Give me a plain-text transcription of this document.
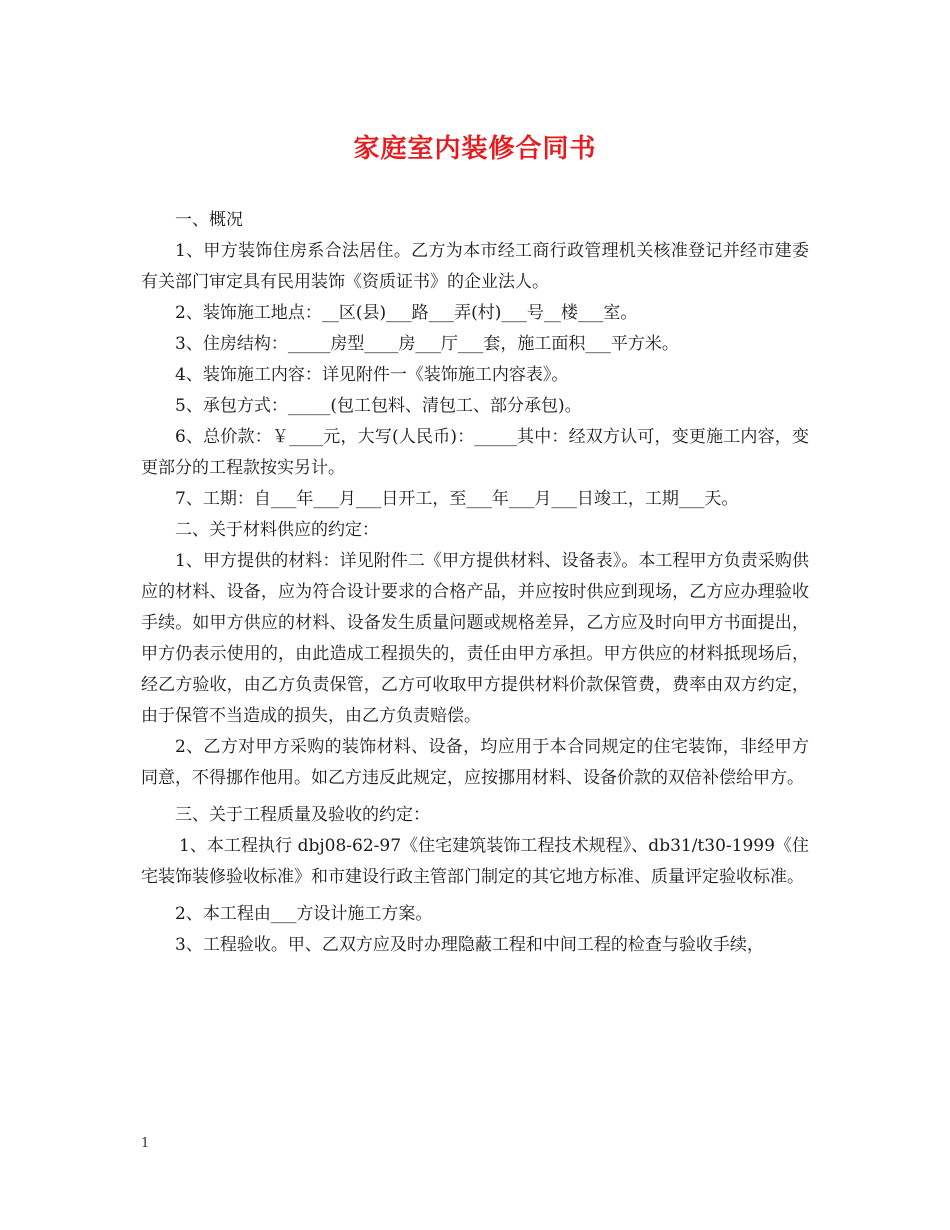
家庭室内装修合同书

一、概况

1、甲方装饰住房系合法居住。乙方为本市经工商行政管理机关核准登记并经市建委有关部门审定具有民用装饰《资质证书》的企业法人。

2、装饰施工地点：__区(县)___路___弄(村)___号__楼___室。

3、住房结构：_____房型____房___厅___套，施工面积___平方米。

4、装饰施工内容：详见附件一《装饰施工内容表》。

5、承包方式：_____(包工包料、清包工、部分承包)。

6、总价款：￥____元，大写(人民币)：_____其中：经双方认可，变更施工内容，变更部分的工程款按实另计。

7、工期：自___年___月___日开工，至___年___月___日竣工，工期___天。

二、关于材料供应的约定：

1、甲方提供的材料：详见附件二《甲方提供材料、设备表》。本工程甲方负责采购供应的材料、设备，应为符合设计要求的合格产品，并应按时供应到现场，乙方应办理验收手续。如甲方供应的材料、设备发生质量问题或规格差异，乙方应及时向甲方书面提出，甲方仍表示使用的，由此造成工程损失的，责任由甲方承担。甲方供应的材料抵现场后，经乙方验收，由乙方负责保管，乙方可收取甲方提供材料价款保管费，费率由双方约定，由于保管不当造成的损失，由乙方负责赔偿。

2、乙方对甲方采购的装饰材料、设备，均应用于本合同规定的住宅装饰，非经甲方同意，不得挪作他用。如乙方违反此规定，应按挪用材料、设备价款的双倍补偿给甲方。

三、关于工程质量及验收的约定：

1、本工程执行 dbj08-62-97《住宅建筑装饰工程技术规程》、db31/t30-1999《住宅装饰装修验收标准》和市建设行政主管部门制定的其它地方标准、质量评定验收标准。

2、本工程由___方设计施工方案。

3、工程验收。甲、乙双方应及时办理隐蔽工程和中间工程的检查与验收手续，

1
